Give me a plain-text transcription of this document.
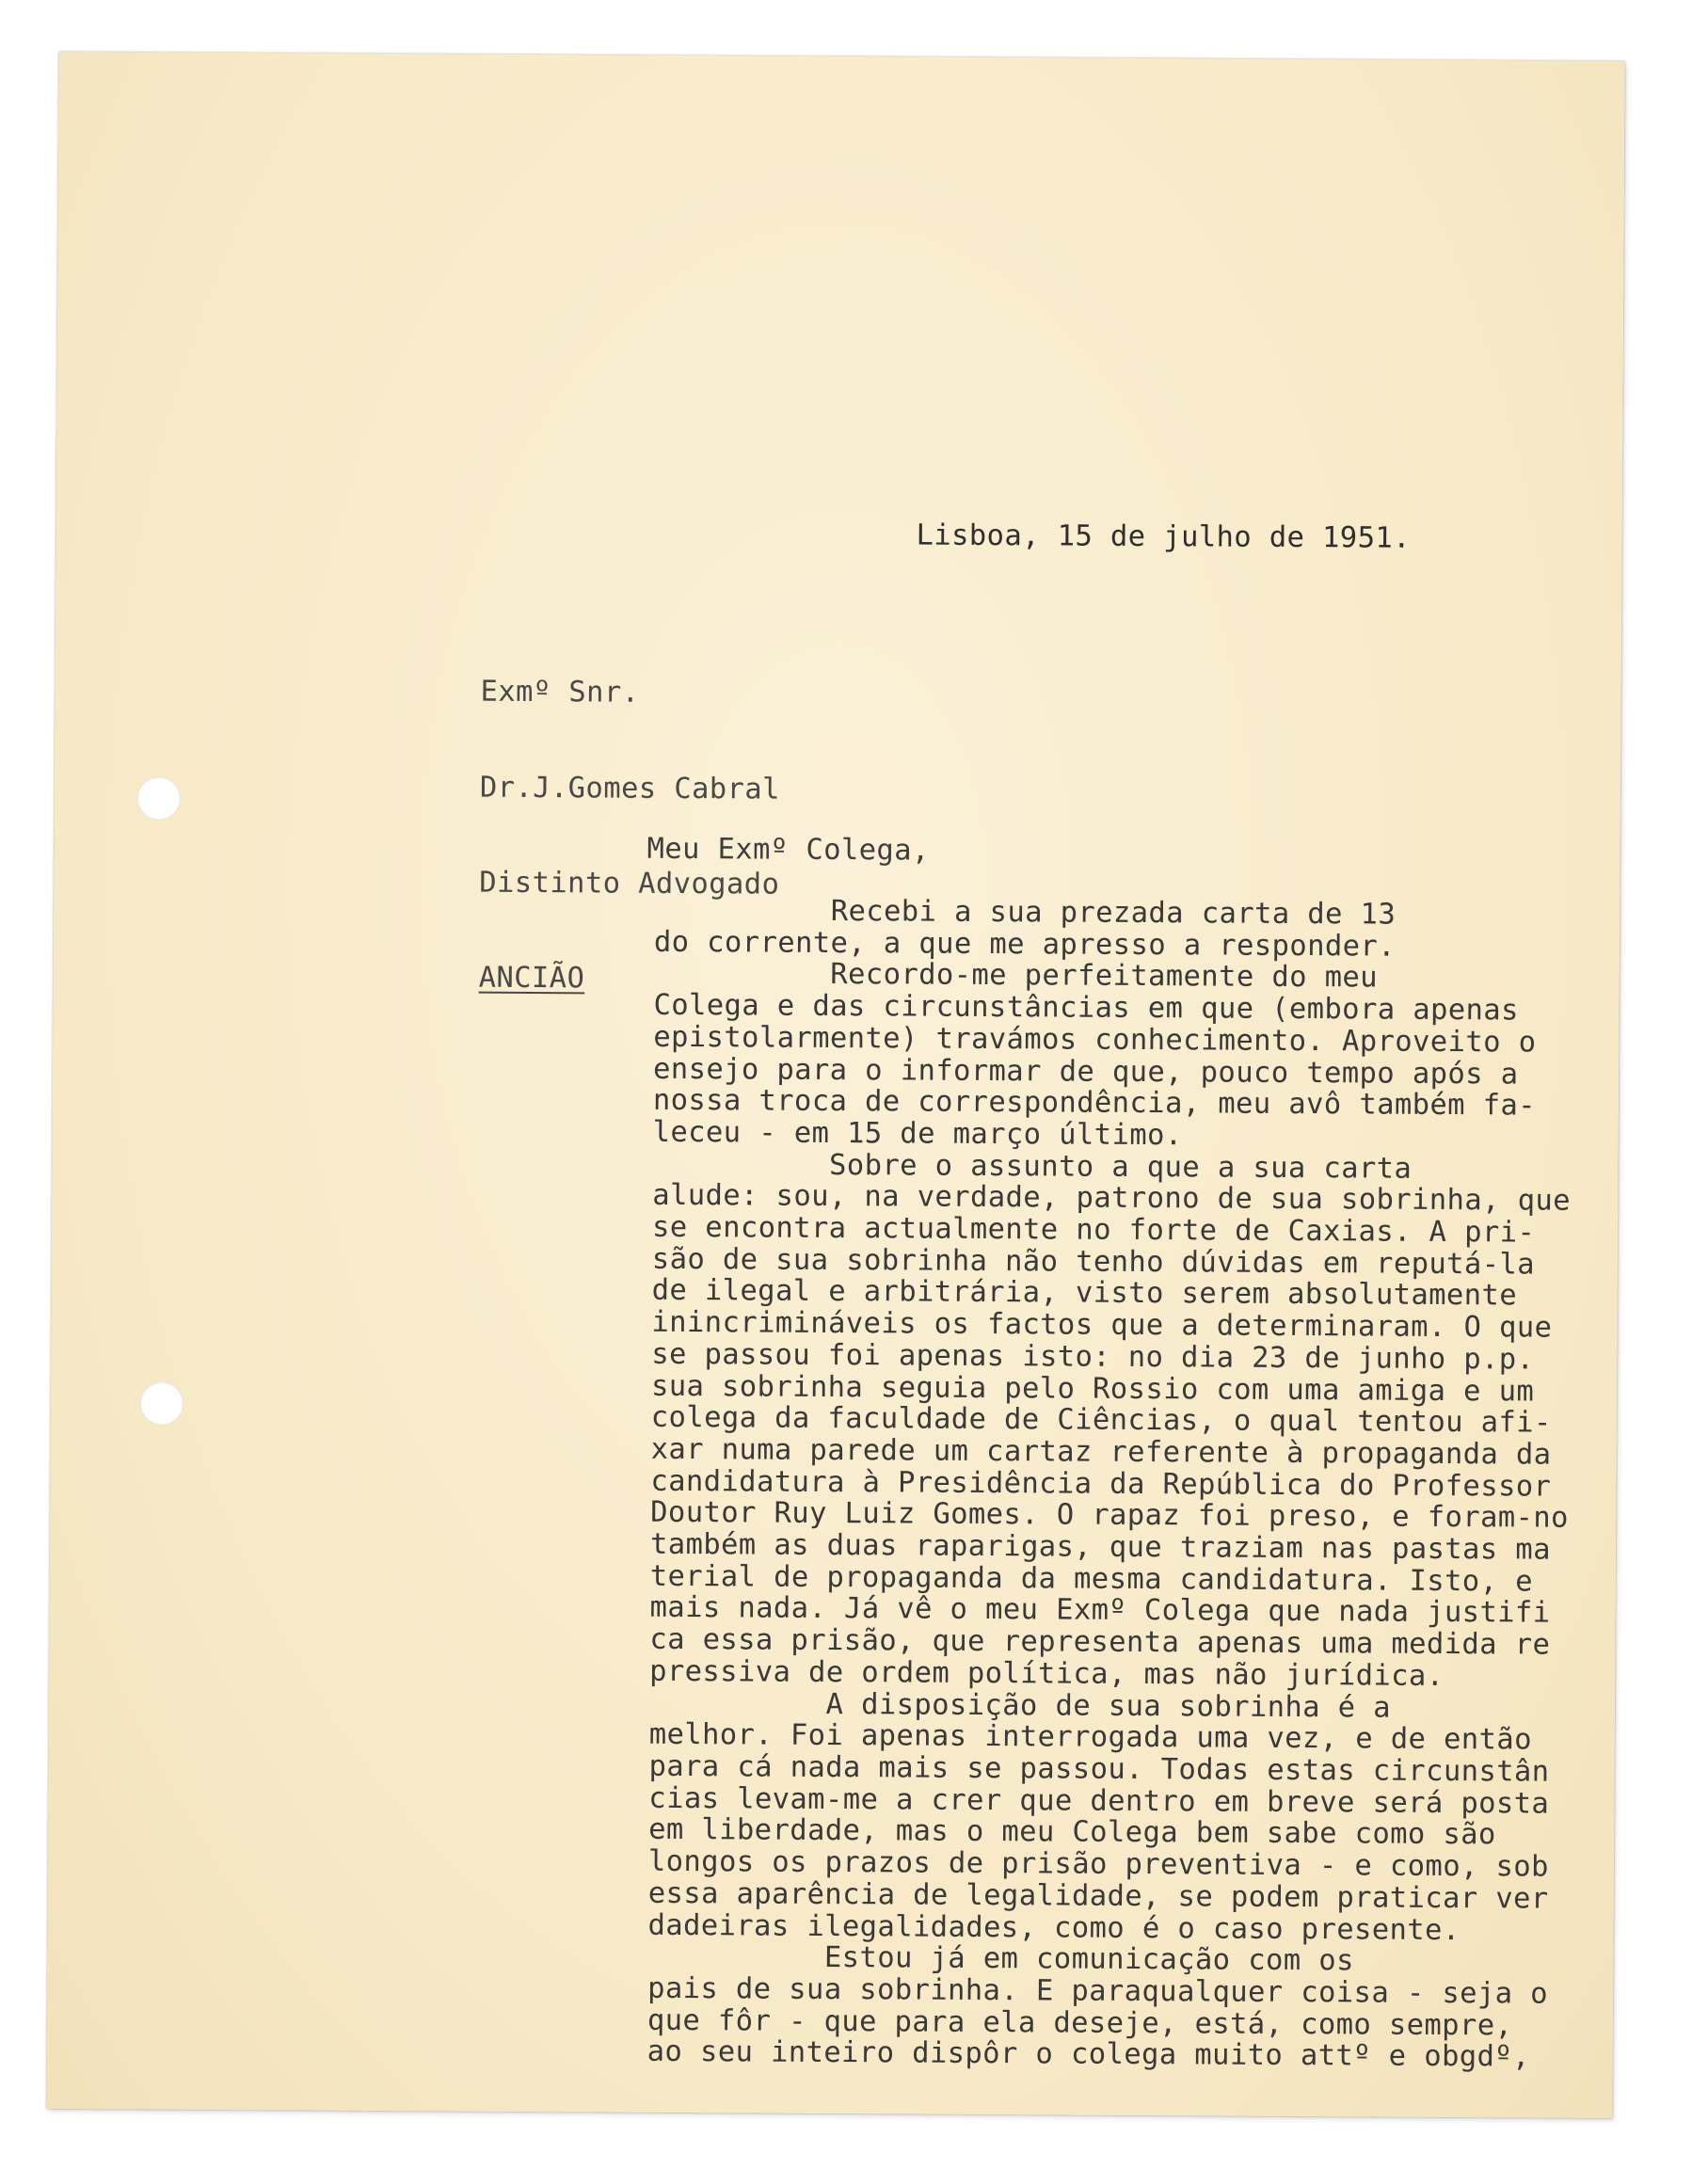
Lisboa, 15 de julho de 1951.

Exmº Snr.

Dr.J.Gomes Cabral

Distinto Advogado

ANCIÃO

Meu Exmº Colega,

Recebi a sua prezada carta de 13
do corrente, a que me apresso a responder.
Recordo-me perfeitamente do meu
Colega e das circunstâncias em que (embora apenas
epistolarmente) travámos conhecimento. Aproveito o
ensejo para o informar de que, pouco tempo após a
nossa troca de correspondência, meu avô também fa-
leceu - em 15 de março último.
Sobre o assunto a que a sua carta
alude: sou, na verdade, patrono de sua sobrinha, que
se encontra actualmente no forte de Caxias. A pri-
são de sua sobrinha não tenho dúvidas em reputá-la
de ilegal e arbitrária, visto serem absolutamente
inincrimináveis os factos que a determinaram. O que
se passou foi apenas isto: no dia 23 de junho p.p.
sua sobrinha seguia pelo Rossio com uma amiga e um
colega da faculdade de Ciências, o qual tentou afi-
xar numa parede um cartaz referente à propaganda da
candidatura à Presidência da República do Professor
Doutor Ruy Luiz Gomes. O rapaz foi preso, e foram-no
também as duas raparigas, que traziam nas pastas ma
terial de propaganda da mesma candidatura. Isto, e
mais nada. Já vê o meu Exmº Colega que nada justifi
ca essa prisão, que representa apenas uma medida re
pressiva de ordem política, mas não jurídica.
A disposição de sua sobrinha é a
melhor. Foi apenas interrogada uma vez, e de então
para cá nada mais se passou. Todas estas circunstân
cias levam-me a crer que dentro em breve será posta
em liberdade, mas o meu Colega bem sabe como são
longos os prazos de prisão preventiva - e como, sob
essa aparência de legalidade, se podem praticar ver
dadeiras ilegalidades, como é o caso presente.
Estou já em comunicação com os
pais de sua sobrinha. E paraqualquer coisa - seja o
que fôr - que para ela deseje, está, como sempre,
ao seu inteiro dispôr o colega muito attº e obgdº,
